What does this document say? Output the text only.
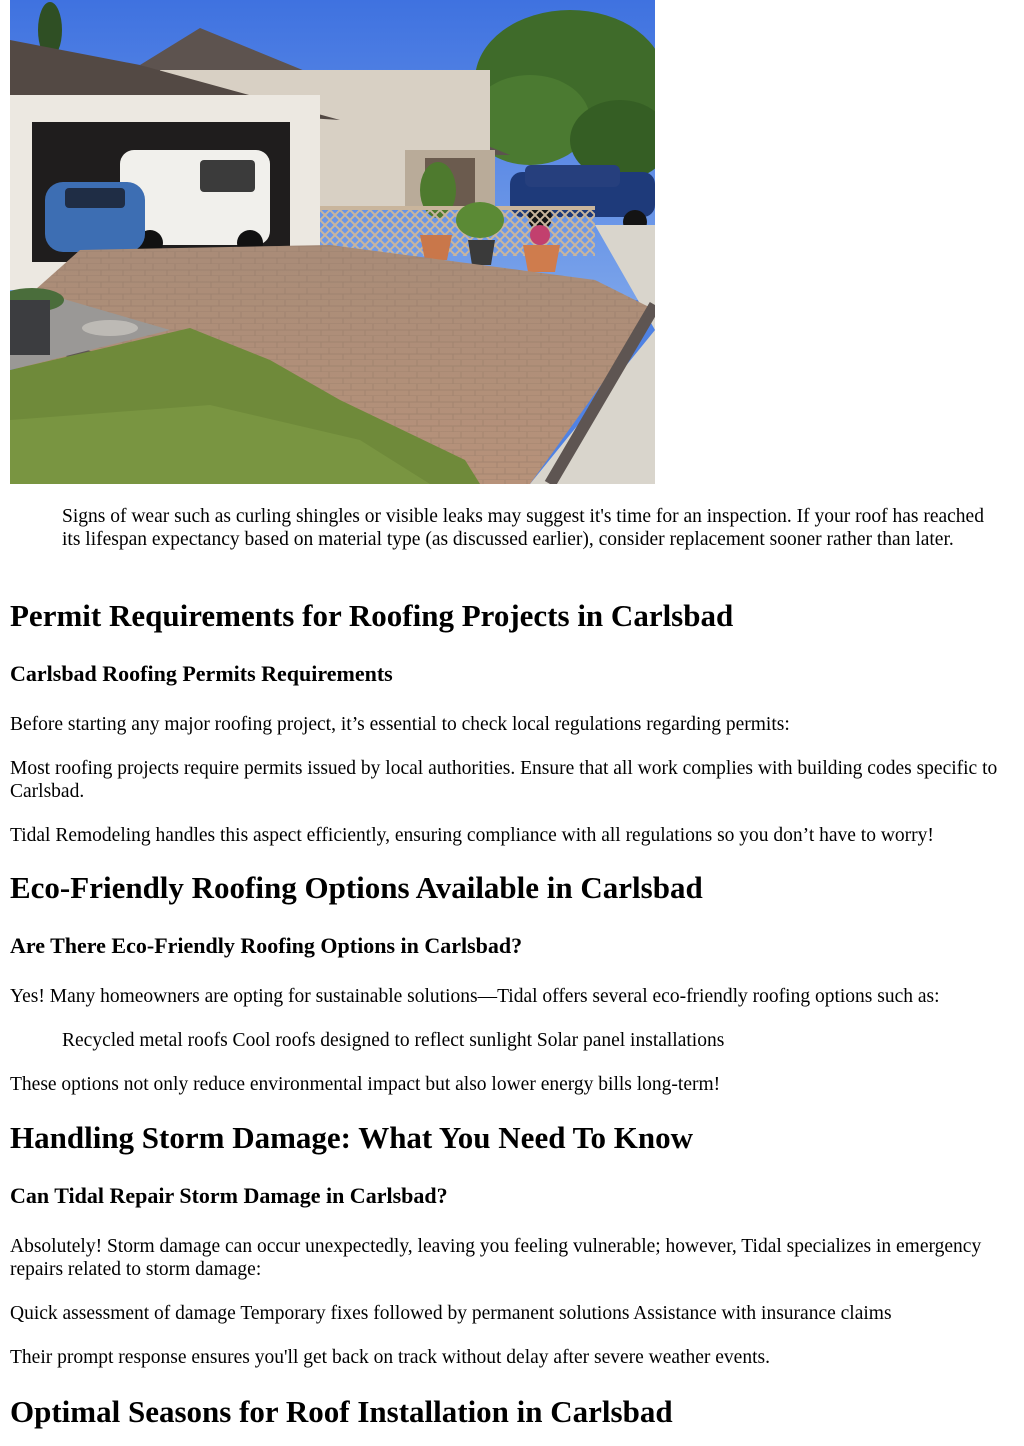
Signs of wear such as curling shingles or visible leaks may suggest it's time for an inspection. If your roof has reached its lifespan expectancy based on material type (as discussed earlier), consider replacement sooner rather than later.

Permit Requirements for Roofing Projects in Carlsbad
Carlsbad Roofing Permits Requirements

Before starting any major roofing project, it’s essential to check local regulations regarding permits:

Most roofing projects require permits issued by local authorities. Ensure that all work complies with building codes specific to Carlsbad.

Tidal Remodeling handles this aspect efficiently, ensuring compliance with all regulations so you don’t have to worry!

Eco-Friendly Roofing Options Available in Carlsbad
Are There Eco-Friendly Roofing Options in Carlsbad?

Yes! Many homeowners are opting for sustainable solutions—Tidal offers several eco-friendly roofing options such as:

Recycled metal roofs Cool roofs designed to reflect sunlight Solar panel installations

These options not only reduce environmental impact but also lower energy bills long-term!

Handling Storm Damage: What You Need To Know
Can Tidal Repair Storm Damage in Carlsbad?

Absolutely! Storm damage can occur unexpectedly, leaving you feeling vulnerable; however, Tidal specializes in emergency repairs related to storm damage:

Quick assessment of damage Temporary fixes followed by permanent solutions Assistance with insurance claims

Their prompt response ensures you'll get back on track without delay after severe weather events.

Optimal Seasons for Roof Installation in Carlsbad
